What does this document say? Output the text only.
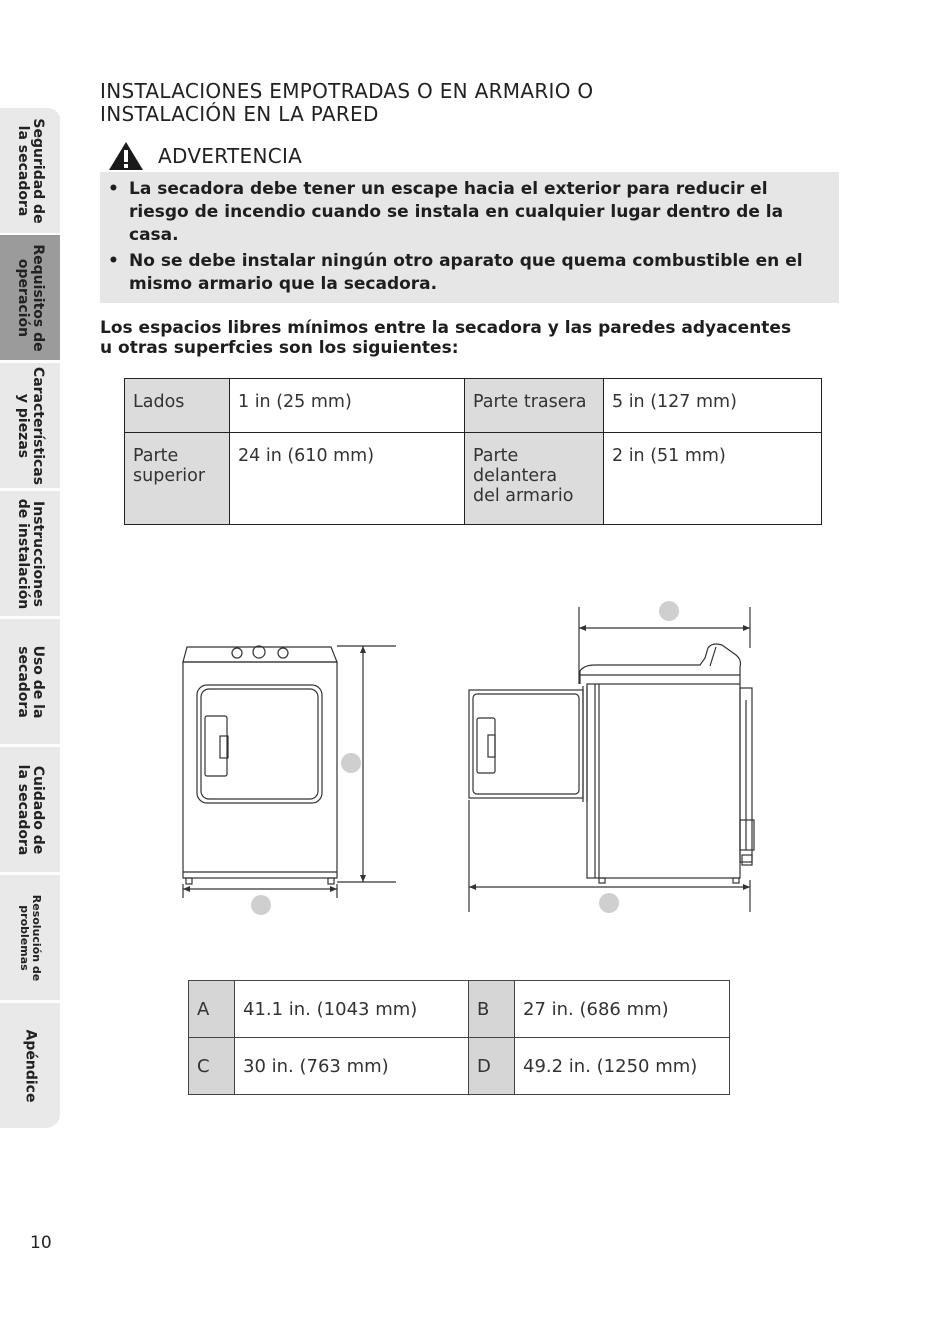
Seguridad de
la secadora
Requisitos de
operación
Características
y piezas
Instrucciones
de instalación
Uso de la
secadora
Cuidado de
la secadora
Resolución de
problemas
Apéndice
INSTALACIONES EMPOTRADAS O EN ARMARIO O
INSTALACIÓN EN LA PARED
ADVERTENCIA
• La secadora debe tener un escape hacia el exterior para reducir el riesgo de incendio cuando se instala en cualquier lugar dentro de la casa.
• No se debe instalar ningún otro aparato que quema combustible en el mismo armario que la secadora.
Los espacios libres mínimos entre la secadora y las paredes adyacentes u otras superfcies son los siguientes:
Lados	1 in (25 mm)	Parte trasera	5 in (127 mm)
Parte
superior	24 in (610 mm)	Parte
delantera
del armario	2 in (51 mm)
A	41.1 in. (1043 mm)	B	27 in. (686 mm)
C	30 in. (763 mm)	D	49.2 in. (1250 mm)
10
